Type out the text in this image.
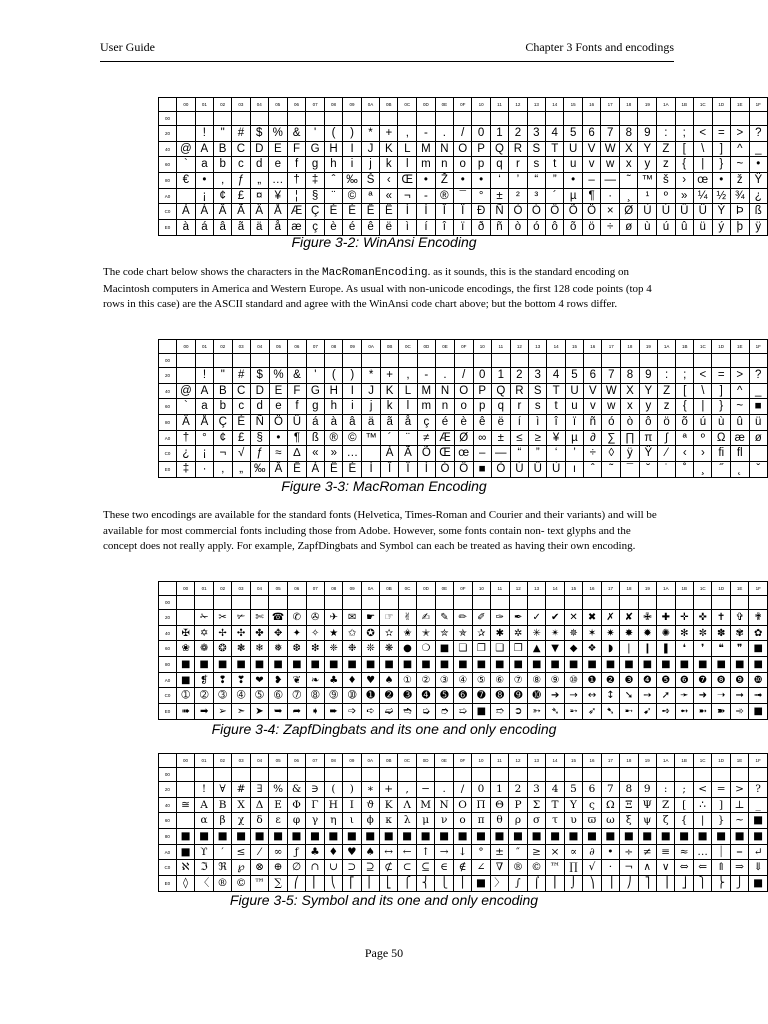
User Guide	Chapter 3 Fonts and encodings
	00	01	02	03	04	05	06	07	08	09	0A	0B	0C	0D	0E	0F	10	11	12	13	14	15	16	17	18	19	1A	1B	1C	1D	1E	1F
00																																
20		!	"	#	$	%	&	'	(	)	*	+	,	-	.	/	0	1	2	3	4	5	6	7	8	9	:	;	<	=	>	?
40	@	A	B	C	D	E	F	G	H	I	J	K	L	M	N	O	P	Q	R	S	T	U	V	W	X	Y	Z	[	\	]	^	_
60	`	a	b	c	d	e	f	g	h	i	j	k	l	m	n	o	p	q	r	s	t	u	v	w	x	y	z	{	|	}	~	•
80	€	•	‚	ƒ	„	…	†	‡	ˆ	‰	Š	‹	Œ	•	Ž	•	•	‘	’	“	”	•	–	—	˜	™	š	›	œ	•	ž	Ÿ
A0		¡	¢	£	¤	¥	¦	§	¨	©	ª	«	¬	-	®	¯	°	±	²	³	´	µ	¶	·	¸	¹	º	»	¼	½	¾	¿
C0	À	Á	Â	Ã	Ä	Å	Æ	Ç	È	É	Ê	Ë	Ì	Í	Î	Ï	Ð	Ñ	Ò	Ó	Ô	Õ	Ö	×	Ø	Ù	Ú	Û	Ü	Ý	Þ	ß
E0	à	á	â	ã	ä	å	æ	ç	è	é	ê	ë	ì	í	î	ï	ð	ñ	ò	ó	ô	õ	ö	÷	ø	ù	ú	û	ü	ý	þ	ÿ
Figure 3-2: WinAnsi Encoding
The code chart below shows the characters in the MacRomanEncoding. as it sounds, this is the standard encoding on Macintosh computers in America and Western Europe. As usual with non-unicode encodings, the first 128 code points (top 4 rows in this case) are the ASCII standard and agree with the WinAnsi code chart above; but the bottom 4 rows differ.
	00	01	02	03	04	05	06	07	08	09	0A	0B	0C	0D	0E	0F	10	11	12	13	14	15	16	17	18	19	1A	1B	1C	1D	1E	1F
00																																
20		!	"	#	$	%	&	'	(	)	*	+	,	-	.	/	0	1	2	3	4	5	6	7	8	9	:	;	<	=	>	?
40	@	A	B	C	D	E	F	G	H	I	J	K	L	M	N	O	P	Q	R	S	T	U	V	W	X	Y	Z	[	\	]	^	_
60	`	a	b	c	d	e	f	g	h	i	j	k	l	m	n	o	p	q	r	s	t	u	v	w	x	y	z	{	|	}	~	■
80	Ä	Å	Ç	É	Ñ	Ö	Ü	á	à	â	ä	ã	å	ç	é	è	ê	ë	í	ì	î	ï	ñ	ó	ò	ô	ö	õ	ú	ù	û	ü
A0	†	°	¢	£	§	•	¶	ß	®	©	™	´	¨	≠	Æ	Ø	∞	±	≤	≥	¥	µ	∂	∑	∏	π	∫	ª	º	Ω	æ	ø
C0	¿	¡	¬	√	ƒ	≈	∆	«	»	…		À	Ã	Õ	Œ	œ	–	—	“	”	‘	’	÷	◊	ÿ	Ÿ	⁄	‹	›	ﬁ	ﬂ	
E0	‡	·	‚	„	‰	Â	Ê	Á	Ë	È	Í	Î	Ï	Ì	Ó	Ô	■	Ò	Ú	Û	Ù	ı	ˆ	˜	¯	˘	˙	˚	¸	˝	˛	ˇ
Figure 3-3: MacRoman Encoding
These two encodings are available for the standard fonts (Helvetica, Times-Roman and Courier and their variants) and will be available for most commercial fonts including those from Adobe. However, some fonts contain non- text glyphs and the concept does not really apply. For example, ZapfDingbats and Symbol can each be treated as having their own encoding.
	00	01	02	03	04	05	06	07	08	09	0A	0B	0C	0D	0E	0F	10	11	12	13	14	15	16	17	18	19	1A	1B	1C	1D	1E	1F
00																																
20		✁	✂	✃	✄	☎	✆	✇	✈	✉	☛	☞	✌	✍	✎	✏	✐	✑	✒	✓	✔	✕	✖	✗	✘	✙	✚	✛	✜	✝	✞	✟
40	✠	✡	✢	✣	✤	✥	✦	✧	★	✩	✪	✫	✬	✭	✮	✯	✰	✱	✲	✳	✴	✵	✶	✷	✸	✹	✺	✻	✼	✽	✾	✿
60	❀	❁	❂	❃	❄	❅	❆	❇	❈	❉	❊	❋	●	❍	■	❏	❐	❑	❒	▲	▼	◆	❖	◗	❘	❙	❚	❛	❜	❝	❞	■
80	■	■	■	■	■	■	■	■	■	■	■	■	■	■	■	■	■	■	■	■	■	■	■	■	■	■	■	■	■	■	■	■
A0	■	❡	❢	❣	❤	❥	❦	❧	♣	♦	♥	♠	①	②	③	④	⑤	⑥	⑦	⑧	⑨	⑩	❶	❷	❸	❹	❺	❻	❼	❽	❾	❿
C0	➀	➁	➂	➃	➄	➅	➆	➇	➈	➉	➊	➋	➌	➍	➎	➏	➐	➑	➒	➓	➔	→	↔	↕	➘	➙	➚	➛	➜	➝	➞	➟
E0	➠	➡	➢	➣	➤	➥	➦	➧	➨	➩	➪	➫	➬	➭	➮	➯	■	➱	➲	➳	➴	➵	➶	➷	➸	➹	➺	➻	➼	➽	➾	■
Figure 3-4: ZapfDingbats and its one and only encoding
	00	01	02	03	04	05	06	07	08	09	0A	0B	0C	0D	0E	0F	10	11	12	13	14	15	16	17	18	19	1A	1B	1C	1D	1E	1F
00																																
20		!	∀	#	∃	%	&	∋	(	)	∗	+	,	−	.	/	0	1	2	3	4	5	6	7	8	9	:	;	<	=	>	?
40	≅	Α	Β	Χ	Δ	Ε	Φ	Γ	Η	Ι	ϑ	Κ	Λ	Μ	Ν	Ο	Π	Θ	Ρ	Σ	Τ	Υ	ς	Ω	Ξ	Ψ	Ζ	[	∴	]	⊥	_
60		α	β	χ	δ	ε	φ	γ	η	ι	ϕ	κ	λ	μ	ν	ο	π	θ	ρ	σ	τ	υ	ϖ	ω	ξ	ψ	ζ	{	|	}	~	■
80	■	■	■	■	■	■	■	■	■	■	■	■	■	■	■	■	■	■	■	■	■	■	■	■	■	■	■	■	■	■	■	■
A0	■	ϒ	′	≤	⁄	∞	ƒ	♣	♦	♥	♠	↔	←	↑	→	↓	°	±	″	≥	×	∝	∂	•	÷	≠	≡	≈	…	⏐	⎯	↵
C0	ℵ	ℑ	ℜ	℘	⊗	⊕	∅	∩	∪	⊃	⊇	⊄	⊂	⊆	∈	∉	∠	∇	®	©	™	∏	√	⋅	¬	∧	∨	⇔	⇐	⇑	⇒	⇓
E0	◊	〈	®	©	™	∑	⎛	⎜	⎝	⎡	⎢	⎣	⎧	⎨	⎩	⎪	■	〉	∫	⌠	⎮	⌡	⎞	⎟	⎠	⎤	⎥	⎦	⎫	⎬	⎭	■
Figure 3-5: Symbol and its one and only encoding
Page 50
